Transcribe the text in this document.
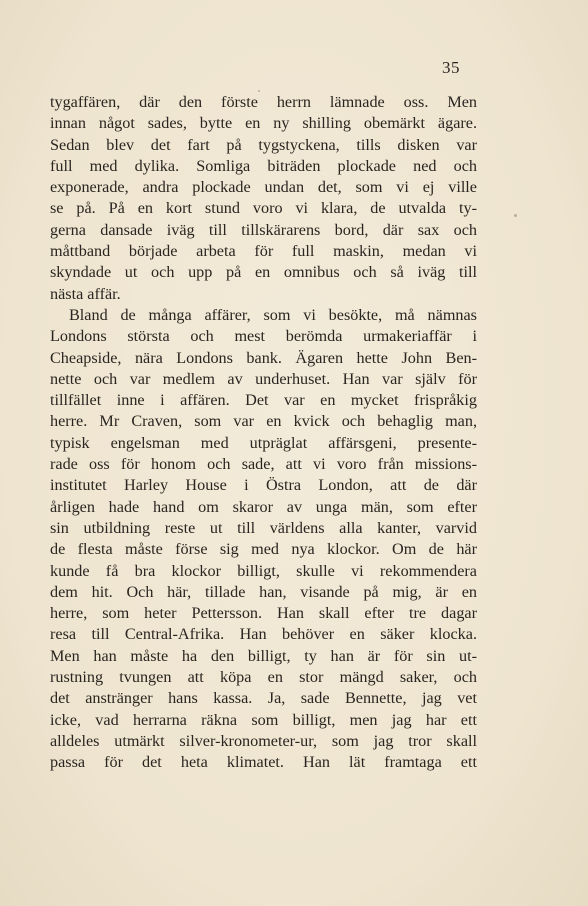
35
tygaffären, där den förste herrn lämnade oss. Men
innan något sades, bytte en ny shilling obemärkt ägare.
Sedan blev det fart på tygstyckena, tills disken var
full med dylika. Somliga biträden plockade ned och
exponerade, andra plockade undan det, som vi ej ville
se på. På en kort stund voro vi klara, de utvalda ty-
gerna dansade iväg till tillskärarens bord, där sax och
måttband började arbeta för full maskin, medan vi
skyndade ut och upp på en omnibus och så iväg till
nästa affär.
Bland de många affärer, som vi besökte, må nämnas
Londons största och mest berömda urmakeriaffär i
Cheapside, nära Londons bank. Ägaren hette John Ben-
nette och var medlem av underhuset. Han var själv för
tillfället inne i affären. Det var en mycket frispråkig
herre. Mr Craven, som var en kvick och behaglig man,
typisk engelsman med utpräglat affärsgeni, presente-
rade oss för honom och sade, att vi voro från missions-
institutet Harley House i Östra London, att de där
årligen hade hand om skaror av unga män, som efter
sin utbildning reste ut till världens alla kanter, varvid
de flesta måste förse sig med nya klockor. Om de här
kunde få bra klockor billigt, skulle vi rekommendera
dem hit. Och här, tillade han, visande på mig, är en
herre, som heter Pettersson. Han skall efter tre dagar
resa till Central-Afrika. Han behöver en säker klocka.
Men han måste ha den billigt, ty han är för sin ut-
rustning tvungen att köpa en stor mängd saker, och
det anstränger hans kassa. Ja, sade Bennette, jag vet
icke, vad herrarna räkna som billigt, men jag har ett
alldeles utmärkt silver-kronometer-ur, som jag tror skall
passa för det heta klimatet. Han lät framtaga ett
